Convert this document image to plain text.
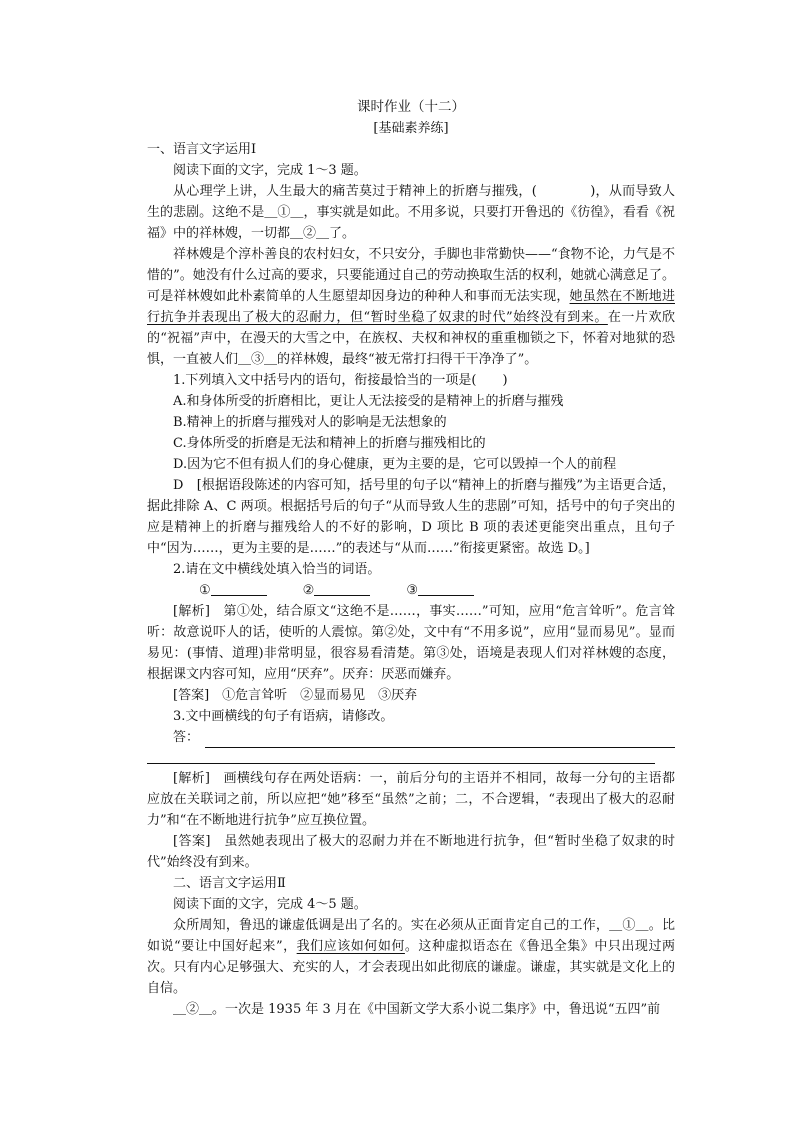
课时作业（十二）

[基础素养练]

一、语言文字运用Ⅰ

阅读下面的文字，完成 1～3 题。

从心理学上讲，人生最大的痛苦莫过于精神上的折磨与摧残，(　　　　)，从而导致人生的悲剧。这绝不是＿①＿，事实就是如此。不用多说，只要打开鲁迅的《彷徨》，看看《祝福》中的祥林嫂，一切都＿②＿了。

祥林嫂是个淳朴善良的农村妇女，不只安分，手脚也非常勤快——“食物不论，力气是不惜的”。她没有什么过高的要求，只要能通过自己的劳动换取生活的权利，她就心满意足了。可是祥林嫂如此朴素简单的人生愿望却因身边的种种人和事而无法实现，她虽然在不断地进行抗争并表现出了极大的忍耐力，但“暂时坐稳了奴隶的时代”始终没有到来。在一片欢欣的“祝福”声中，在漫天的大雪之中，在族权、夫权和神权的重重枷锁之下，怀着对地狱的恐惧，一直被人们＿③＿的祥林嫂，最终“被无常打扫得干干净净了”。

1.下列填入文中括号内的语句，衔接最恰当的一项是(　　)

A.和身体所受的折磨相比，更让人无法接受的是精神上的折磨与摧残

B.精神上的折磨与摧残对人的影响是无法想象的

C.身体所受的折磨是无法和精神上的折磨与摧残相比的

D.因为它不但有损人们的身心健康，更为主要的是，它可以毁掉一个人的前程

D　[根据语段陈述的内容可知，括号里的句子以“精神上的折磨与摧残”为主语更合适，据此排除 A、C 两项。根据括号后的句子“从而导致人生的悲剧”可知，括号中的句子突出的应是精神上的折磨与摧残给人的不好的影响，D 项比 B 项的表述更能突出重点，且句子中“因为……，更为主要的是……”的表述与“从而……”衔接更紧密。故选 D。]

2.请在文中横线处填入恰当的词语。

①	②	③

[解析]　 第①处，结合原文“这绝不是……，事实……”可知，应用“危言耸听”。危言耸听：故意说吓人的话，使听的人震惊。第②处，文中有“不用多说”，应用“显而易见”。显而易见：(事情、道理)非常明显，很容易看清楚。第③处，语境是表现人们对祥林嫂的态度，根据课文内容可知，应用“厌弃”。厌弃：厌恶而嫌弃。

[答案]　 ①危言耸听　②显而易见　③厌弃

3.文中画横线的句子有语病，请修改。

答：

[解析]　 画横线句存在两处语病：一，前后分句的主语并不相同，故每一分句的主语都应放在关联词之前，所以应把“她”移至“虽然”之前；二，不合逻辑，“表现出了极大的忍耐力”和“在不断地进行抗争”应互换位置。

[答案]　 虽然她表现出了极大的忍耐力并在不断地进行抗争，但“暂时坐稳了奴隶的时代”始终没有到来。

二、语言文字运用Ⅱ

阅读下面的文字，完成 4～5 题。

众所周知，鲁迅的谦虚低调是出了名的。实在必须从正面肯定自己的工作，＿①＿。比如说“要让中国好起来”，我们应该如何如何。这种虚拟语态在《鲁迅全集》中只出现过两次。只有内心足够强大、充实的人，才会表现出如此彻底的谦虚。谦虚，其实就是文化上的自信。

＿②＿。一次是 1935 年 3 月在《中国新文学大系小说二集序》中，鲁迅说“五四”前
